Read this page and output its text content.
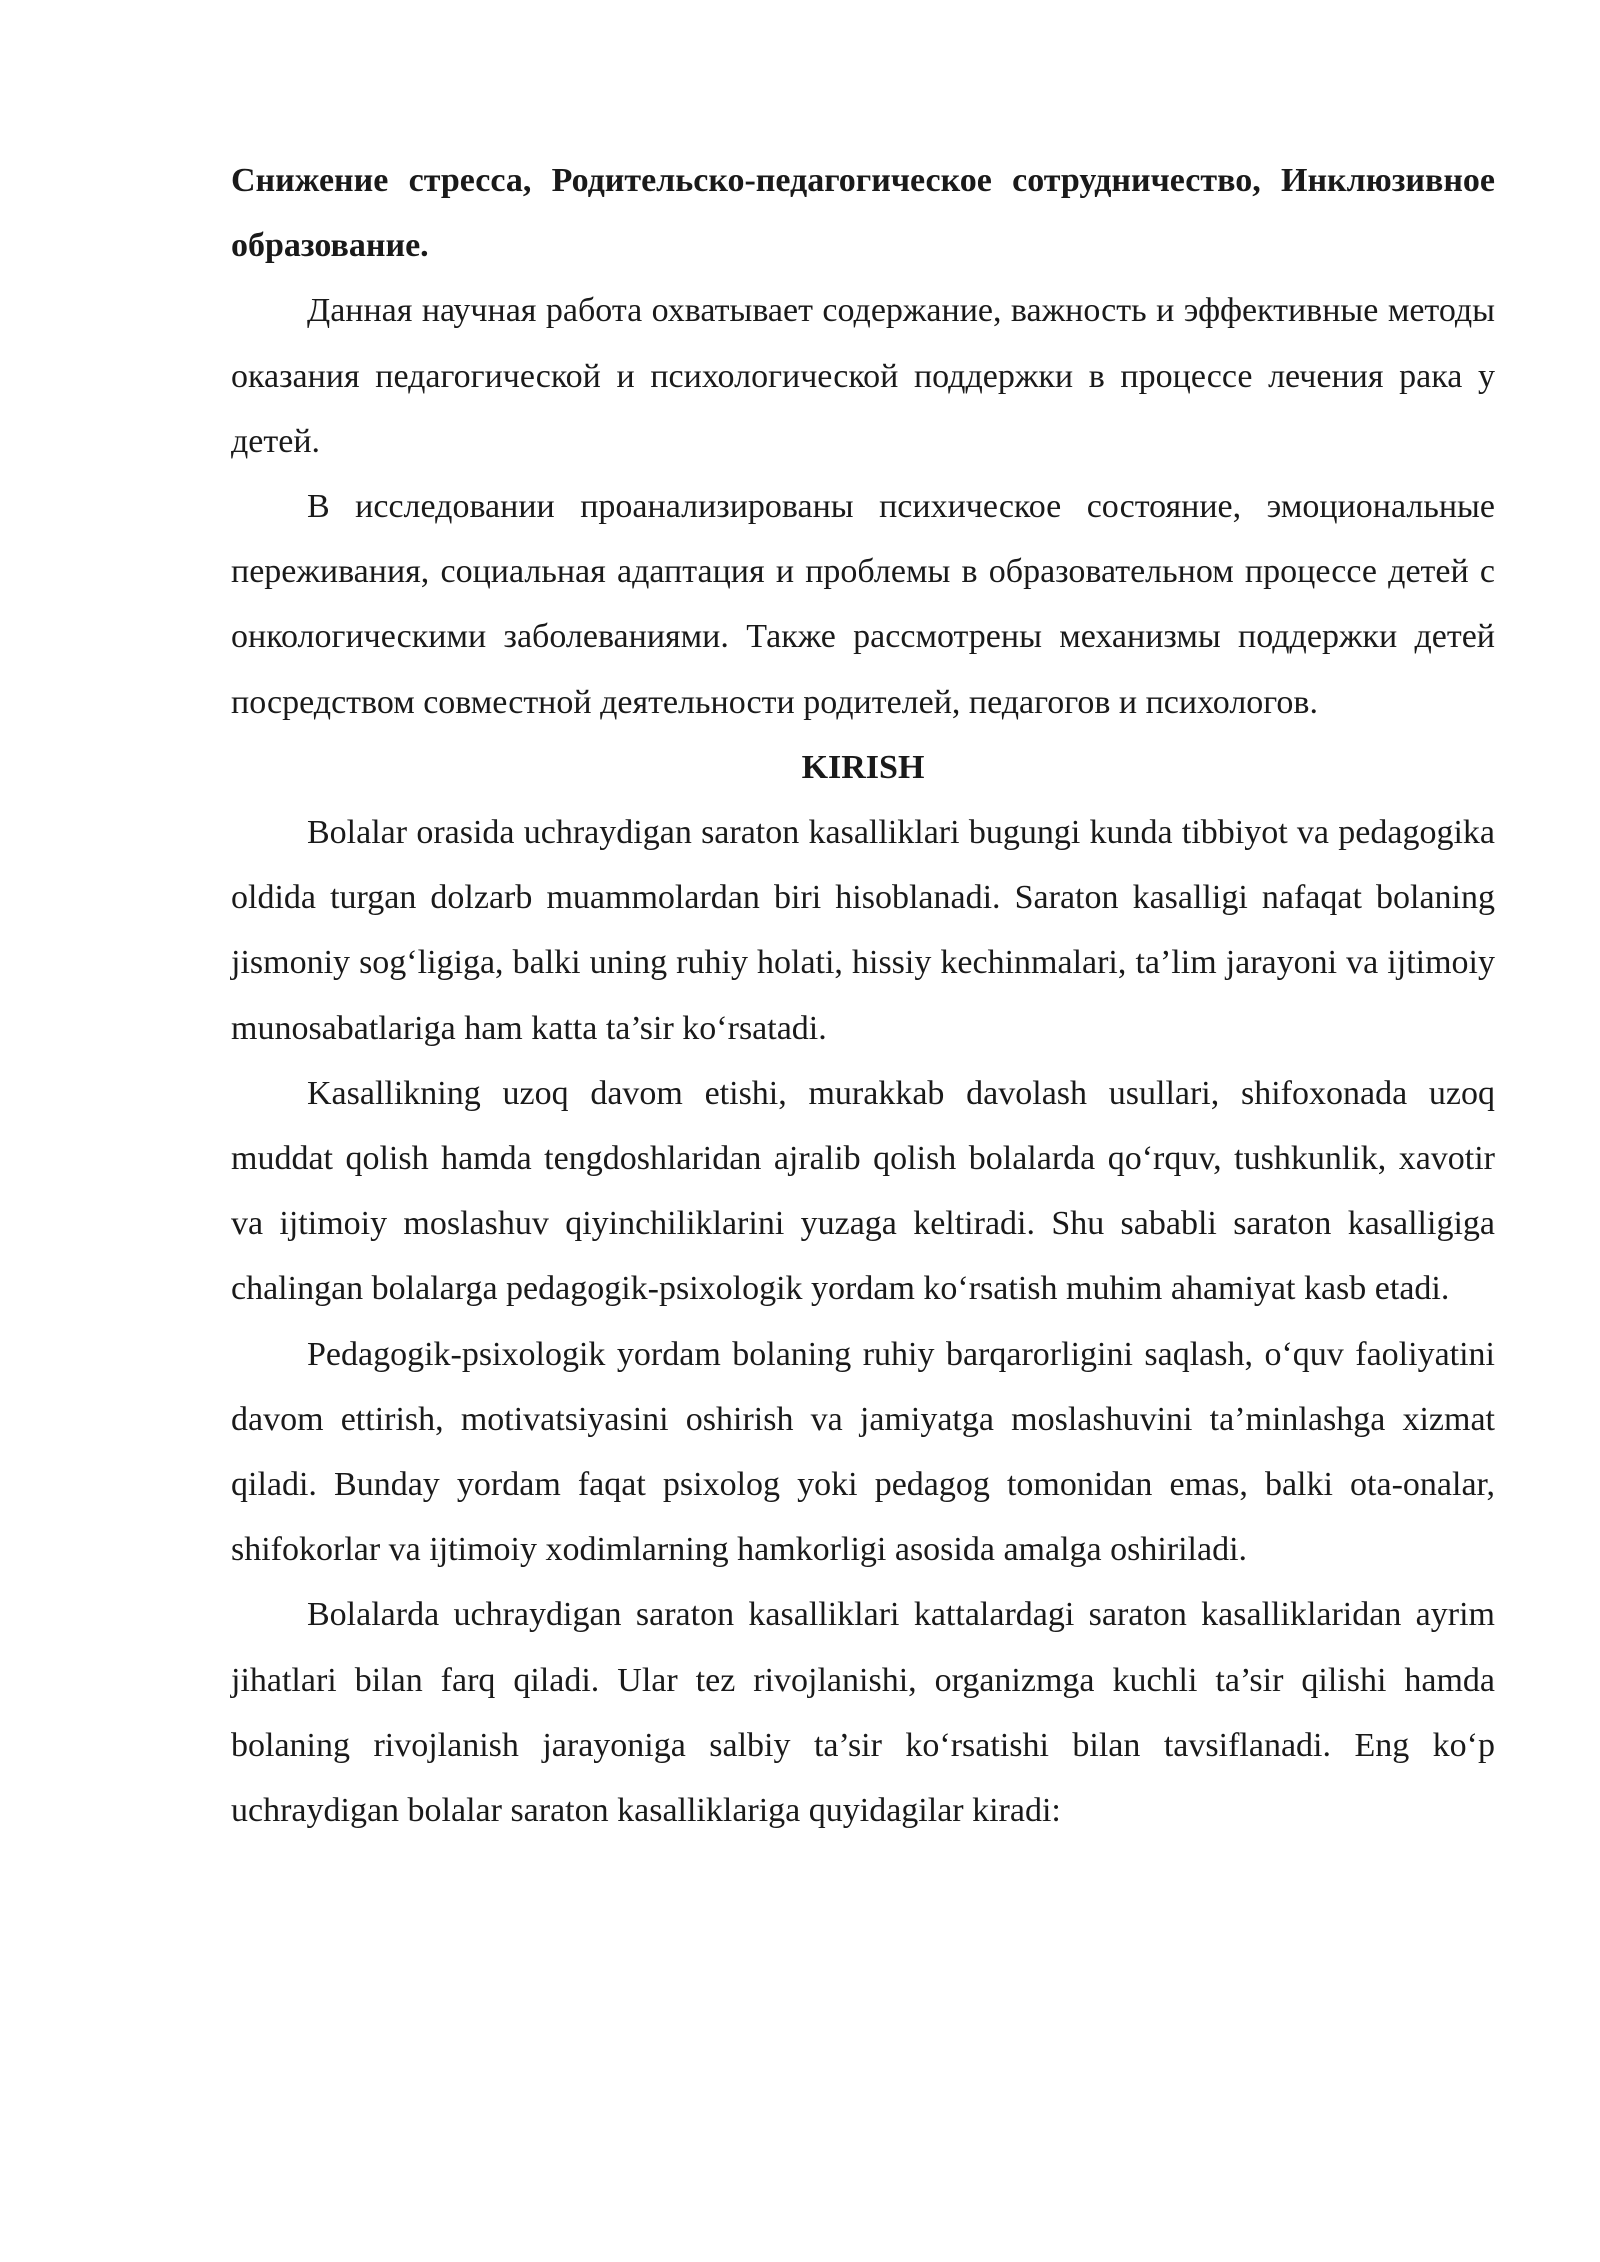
Снижение стресса, Родительско-педагогическое сотрудничество, Инклюзивное образование.

Данная научная работа охватывает содержание, важность и эффективные методы оказания педагогической и психологической поддержки в процессе лечения рака у детей.

В исследовании проанализированы психическое состояние, эмоциональные переживания, социальная адаптация и проблемы в образовательном процессе детей с онкологическими заболеваниями. Также рассмотрены механизмы поддержки детей посредством совместной деятельности родителей, педагогов и психологов.

KIRISH

Bolalar orasida uchraydigan saraton kasalliklari bugungi kunda tibbiyot va pedagogika oldida turgan dolzarb muammolardan biri hisoblanadi. Saraton kasalligi nafaqat bolaning jismoniy sog‘ligiga, balki uning ruhiy holati, hissiy kechinmalari, ta’lim jarayoni va ijtimoiy munosabatlariga ham katta ta’sir ko‘rsatadi.

Kasallikning uzoq davom etishi, murakkab davolash usullari, shifoxonada uzoq muddat qolish hamda tengdoshlaridan ajralib qolish bolalarda qo‘rquv, tushkunlik, xavotir va ijtimoiy moslashuv qiyinchiliklarini yuzaga keltiradi. Shu sababli saraton kasalligiga chalingan bolalarga pedagogik-psixologik yordam ko‘rsatish muhim ahamiyat kasb etadi.

Pedagogik-psixologik yordam bolaning ruhiy barqarorligini saqlash, o‘quv faoliyatini davom ettirish, motivatsiyasini oshirish va jamiyatga moslashuvini ta’minlashga xizmat qiladi. Bunday yordam faqat psixolog yoki pedagog tomonidan emas, balki ota-onalar, shifokorlar va ijtimoiy xodimlarning hamkorligi asosida amalga oshiriladi.

Bolalarda uchraydigan saraton kasalliklari kattalardagi saraton kasalliklaridan ayrim jihatlari bilan farq qiladi. Ular tez rivojlanishi, organizmga kuchli ta’sir qilishi hamda bolaning rivojlanish jarayoniga salbiy ta’sir ko‘rsatishi bilan tavsiflanadi. Eng ko‘p uchraydigan bolalar saraton kasalliklariga quyidagilar kiradi:
